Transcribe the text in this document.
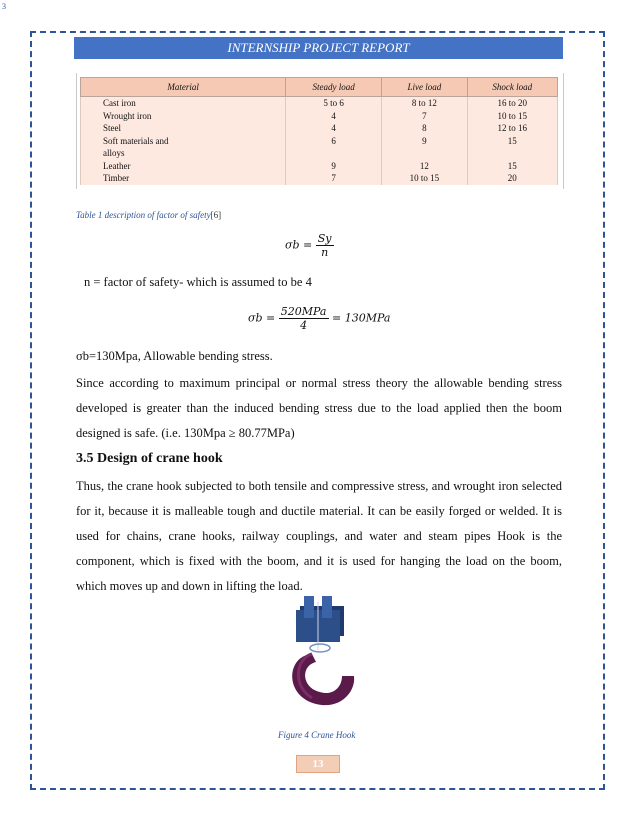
3
INTERNSHIP PROJECT REPORT
Material	Steady load	Live load	Shock load
Cast iron	5 to 6	8 to 12	16 to 20
Wrought iron	4	7	10 to 15
Steel	4	8	12 to 16
Soft materials and	6	9	15
alloys			
Leather	9	12	15
Timber	7	10 to 15	20
Table 1 description of factor of safety[6]
$\sigma b = \frac{Sy}{n}$
n = factor of safety- which is assumed to be 4
$\sigma b = \frac{\text{520MPa}}{4} = 130MPa$
σb=130Mpa, Allowable bending stress.
Since according to maximum principal or normal stress theory the allowable bending stress developed is greater than the induced bending stress due to the load applied then the boom designed is safe. (i.e. 130Mpa ≥ 80.77MPa)
3.5 Design of crane hook
Thus, the crane hook subjected to both tensile and compressive stress, and wrought iron selected for it, because it is malleable tough and ductile material. It can be easily forged or welded. It is used for chains, crane hooks, railway couplings, and water and steam pipes Hook is the component, which is fixed with the boom, and it is used for hanging the load on the boom, which moves up and down in lifting the load.
Figure 4 Crane Hook
13
